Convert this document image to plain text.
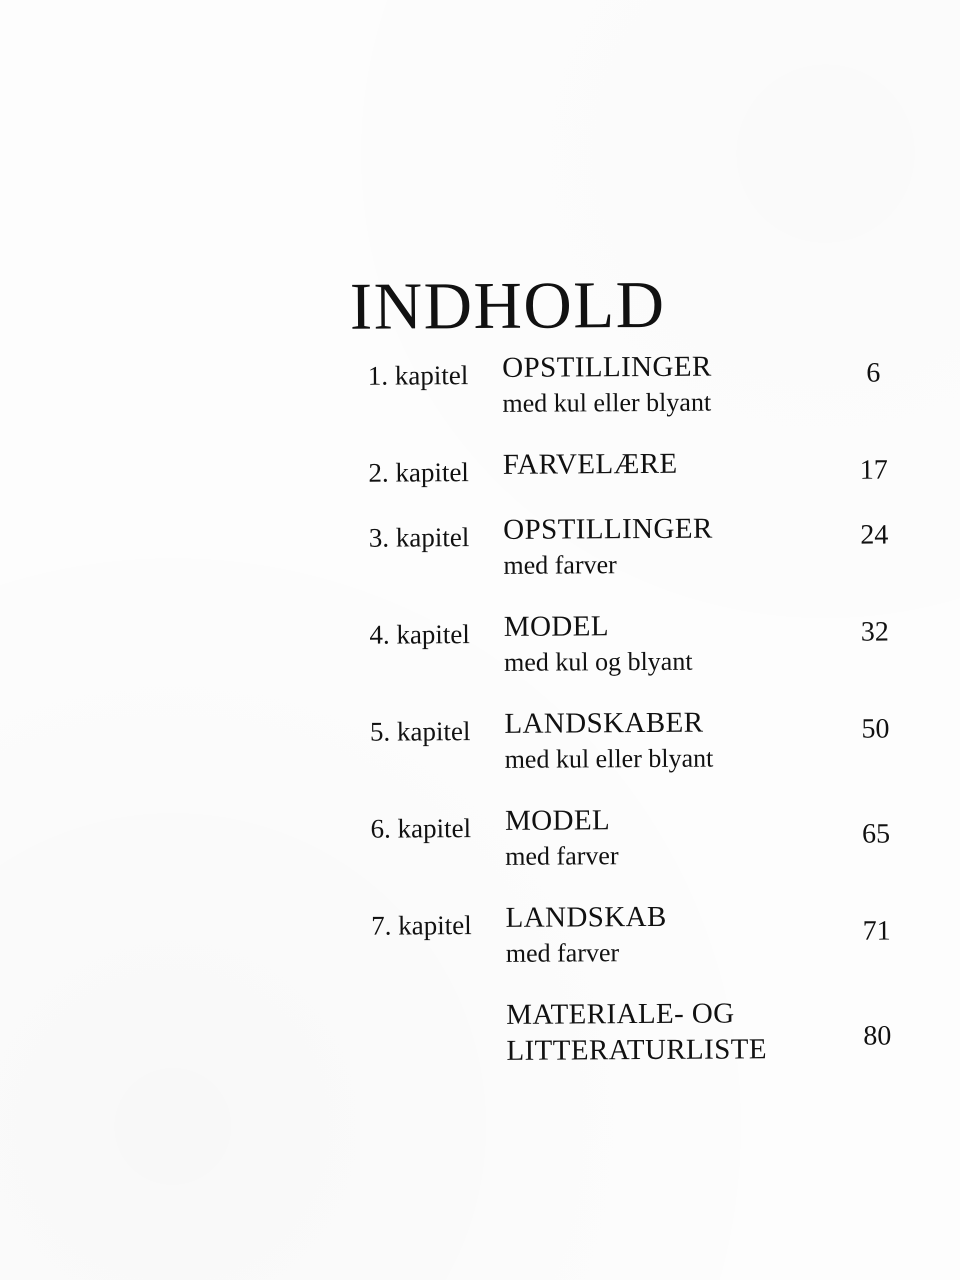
INDHOLD
1. kapitel OPSTILLINGER
med kul eller blyant
6
2. kapitel FARVELÆRE	17
3. kapitel OPSTILLINGER
med farver
24
4. kapitel MODEL
med kul og blyant
32
5. kapitel LANDSKABER
med kul eller blyant
50
6. kapitel MODEL
med farver
65
7. kapitel LANDSKAB
med farver
71
MATERIALE- OG
LITTERATURLISTE	80
